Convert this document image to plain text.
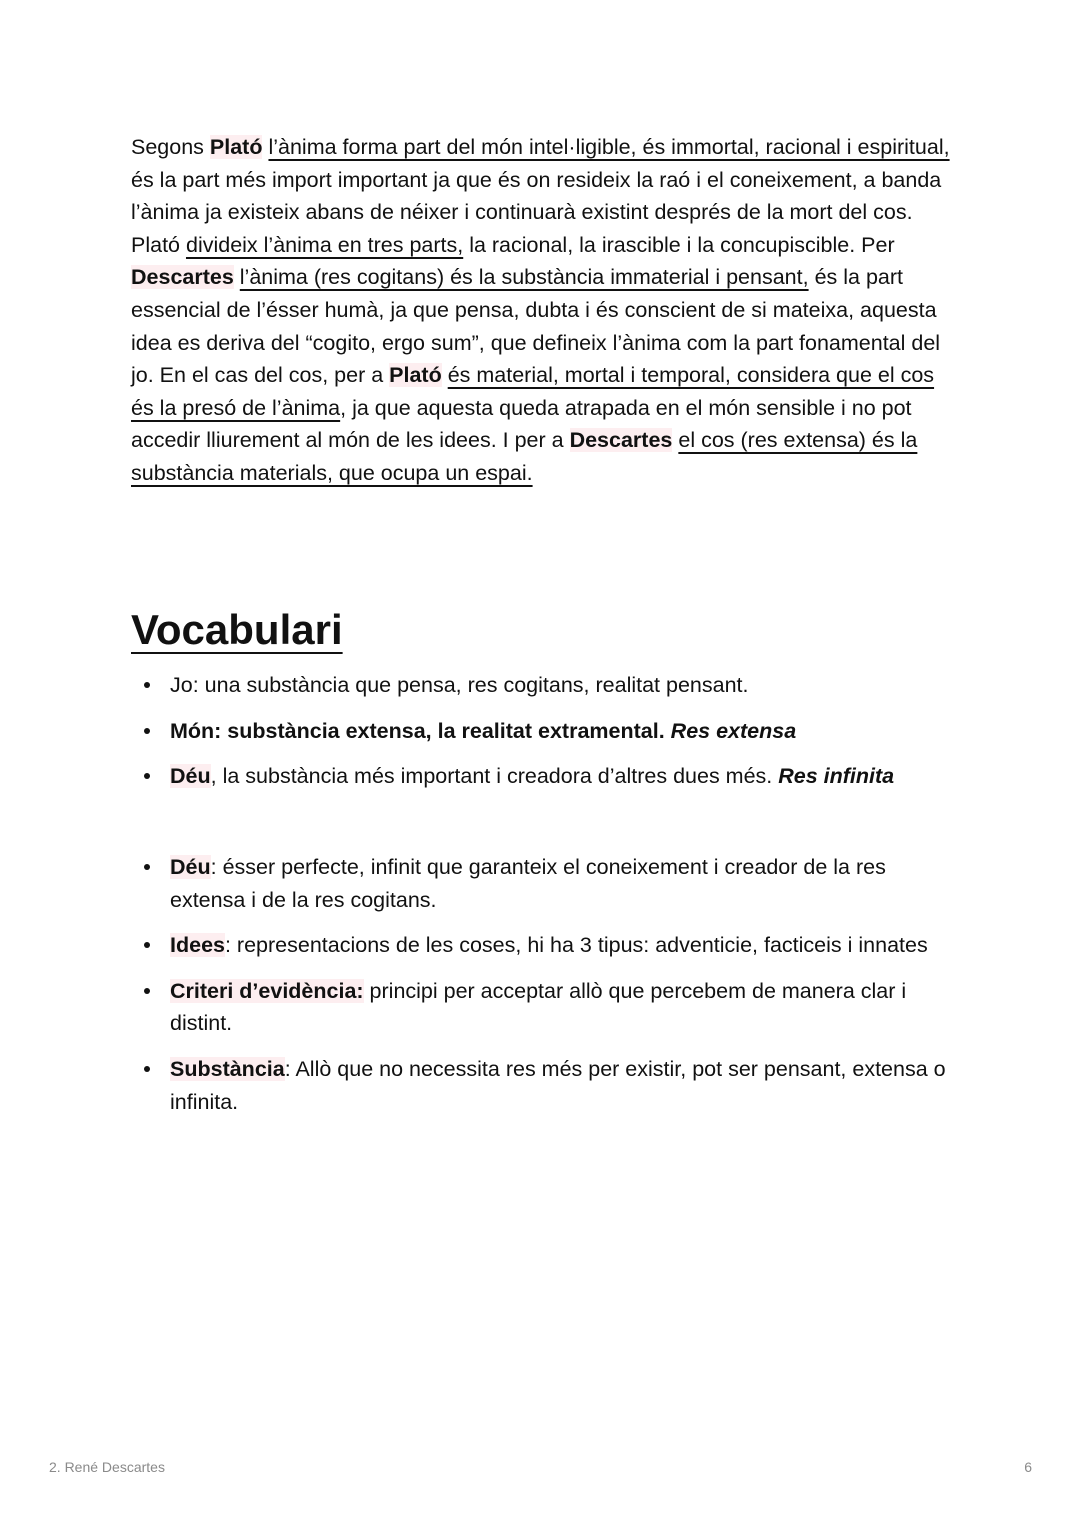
Segons Plató l’ànima forma part del món intel·ligible, és immortal, racional i espiritual, és la part més import important ja que és on resideix la raó i el coneixement, a banda l’ànima ja existeix abans de néixer i continuarà existint després de la mort del cos. Plató divideix l’ànima en tres parts, la racional, la irascible i la concupiscible. Per Descartes l’ànima (res cogitans) és la substància immaterial i pensant, és la part essencial de l’ésser humà, ja que pensa, dubta i és conscient de si mateixa, aquesta idea es deriva del “cogito, ergo sum”, que defineix l’ànima com la part fonamental del jo. En el cas del cos, per a Plató és material, mortal i temporal, considera que el cos és la presó de l’ànima, ja que aquesta queda atrapada en el món sensible i no pot accedir lliurement al món de les idees. I per a Descartes el cos (res extensa) és la substància materials, que ocupa un espai.

Vocabulari
Jo: una substància que pensa, res cogitans, realitat pensant.
Món: substància extensa, la realitat extramental. Res extensa
Déu, la substància més important i creadora d’altres dues més. Res infinita
Déu: ésser perfecte, infinit que garanteix el coneixement i creador de la res extensa i de la res cogitans.
Idees: representacions de les coses, hi ha 3 tipus: adventicie, facticeis i innates
Criteri d’evidència: principi per acceptar allò que percebem de manera clar i distint.
Substància: Allò que no necessita res més per existir, pot ser pensant, extensa o infinita.
2. René Descartes	6
